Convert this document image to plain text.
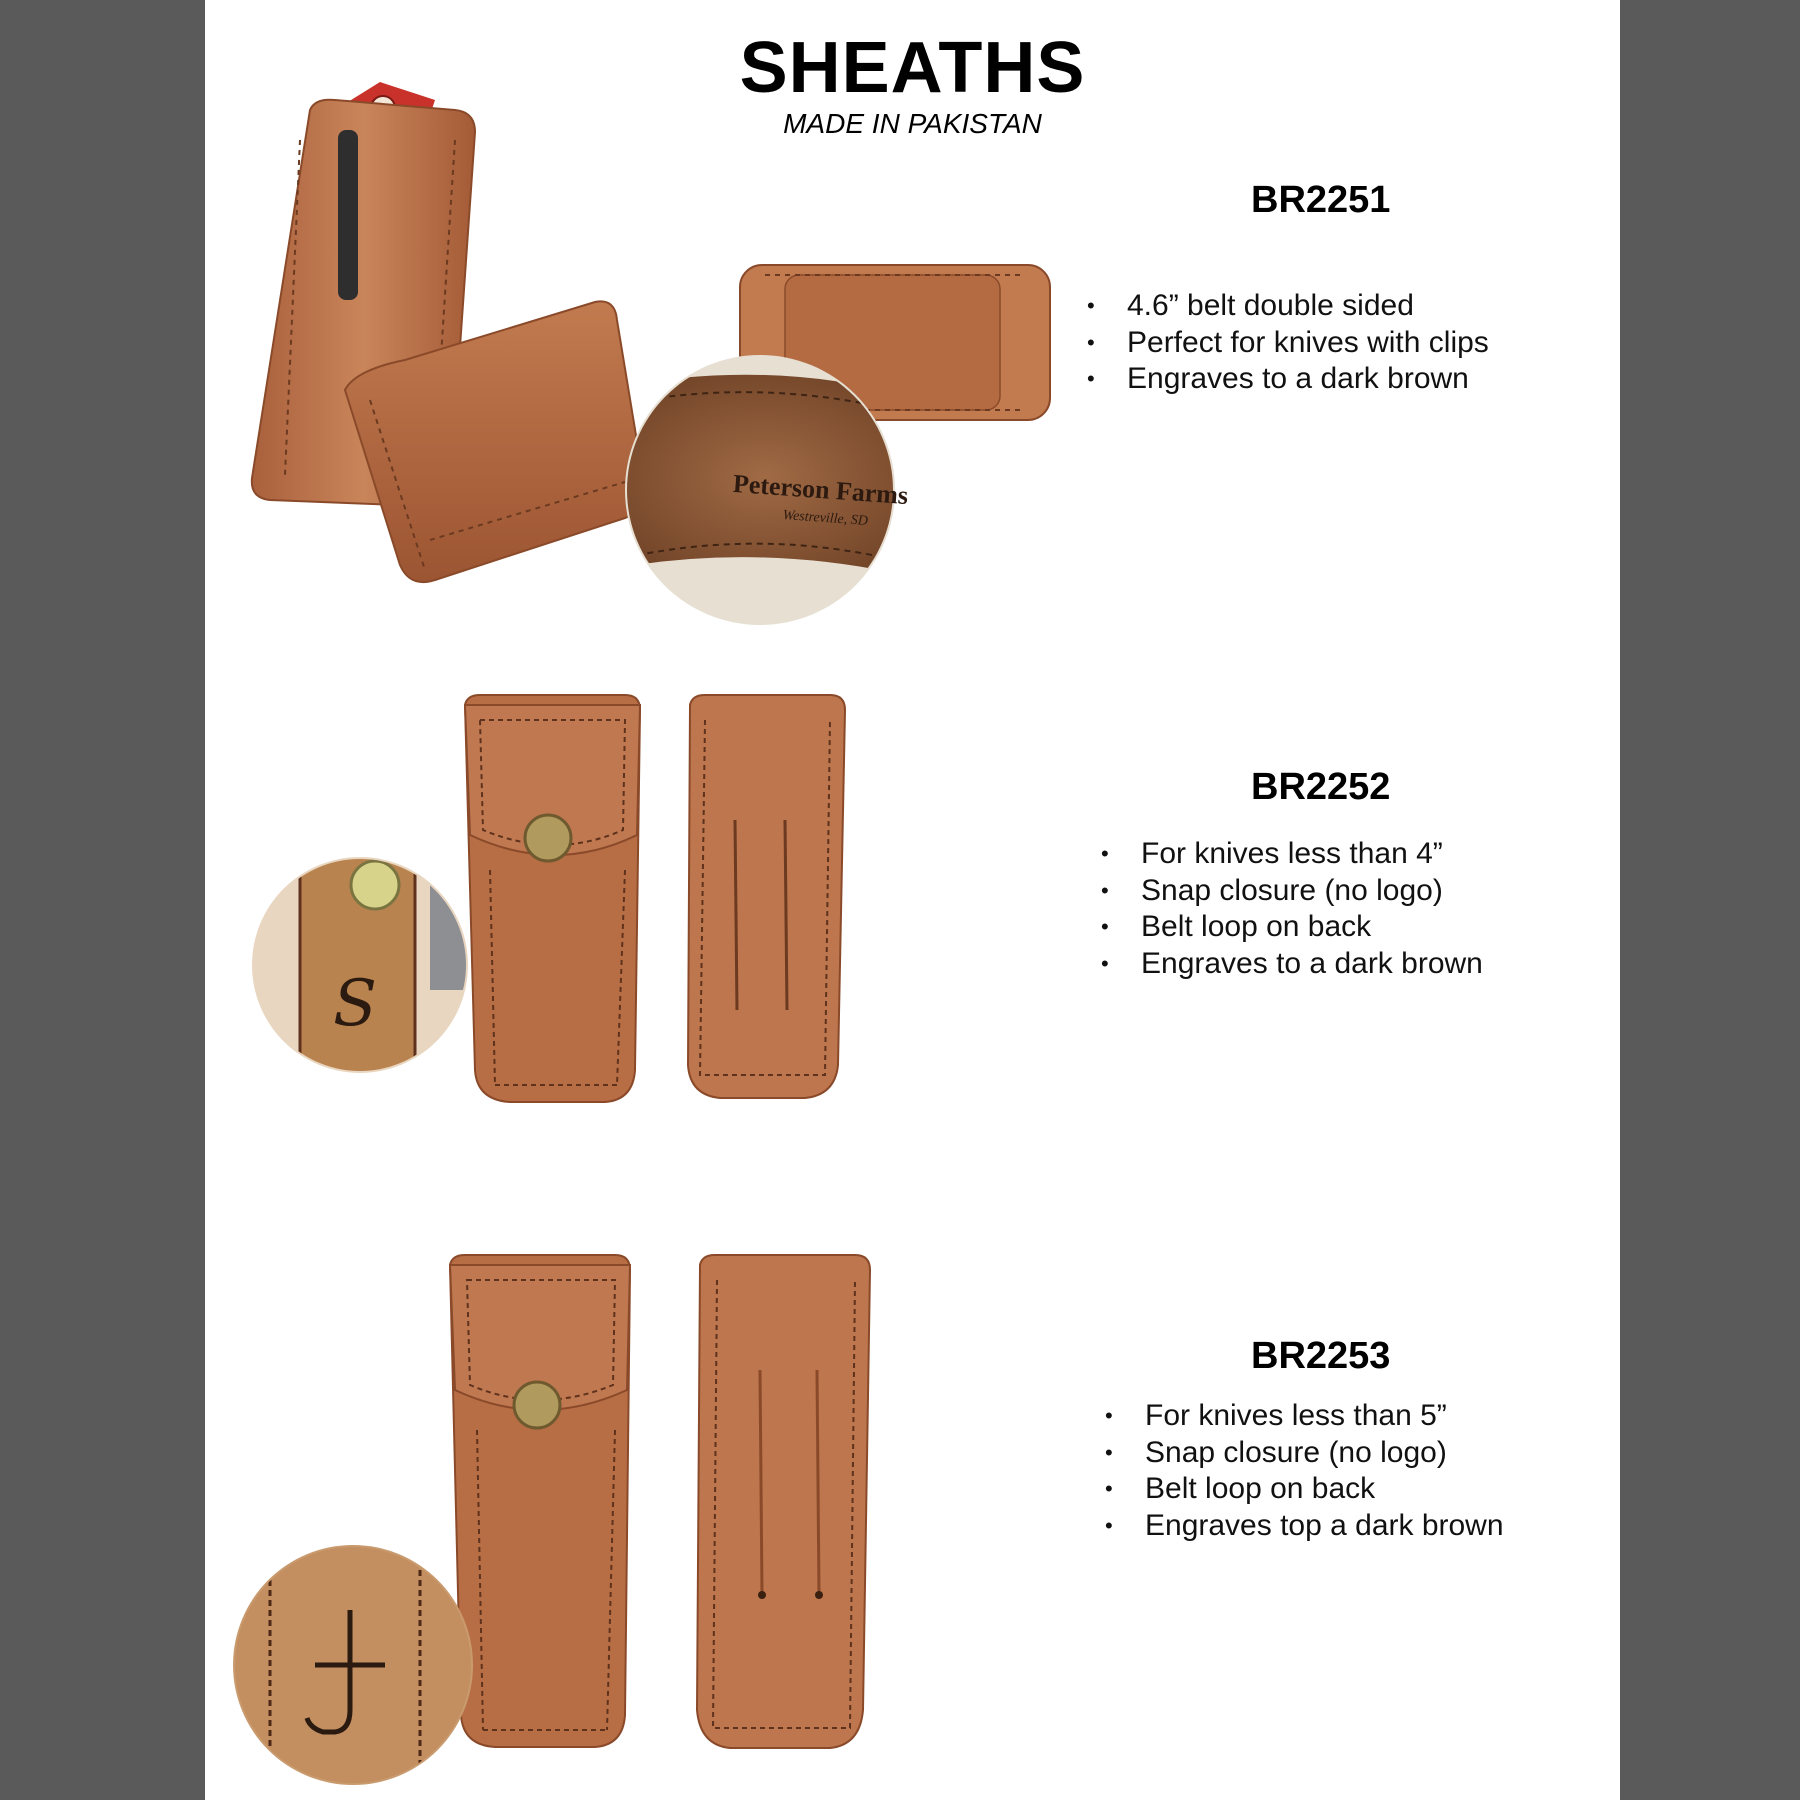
SHEATHS
MADE IN PAKISTAN
Peterson Farms
Westreville, SD
BR2251
• 4.6” belt double sided
• Perfect for knives with clips
• Engraves to a dark brown
S
BR2252
• For knives less than 4”
• Snap closure (no logo)
• Belt loop on back
• Engraves to a dark brown
BR2253
• For knives less than 5”
• Snap closure (no logo)
• Belt loop on back
• Engraves top a dark brown
